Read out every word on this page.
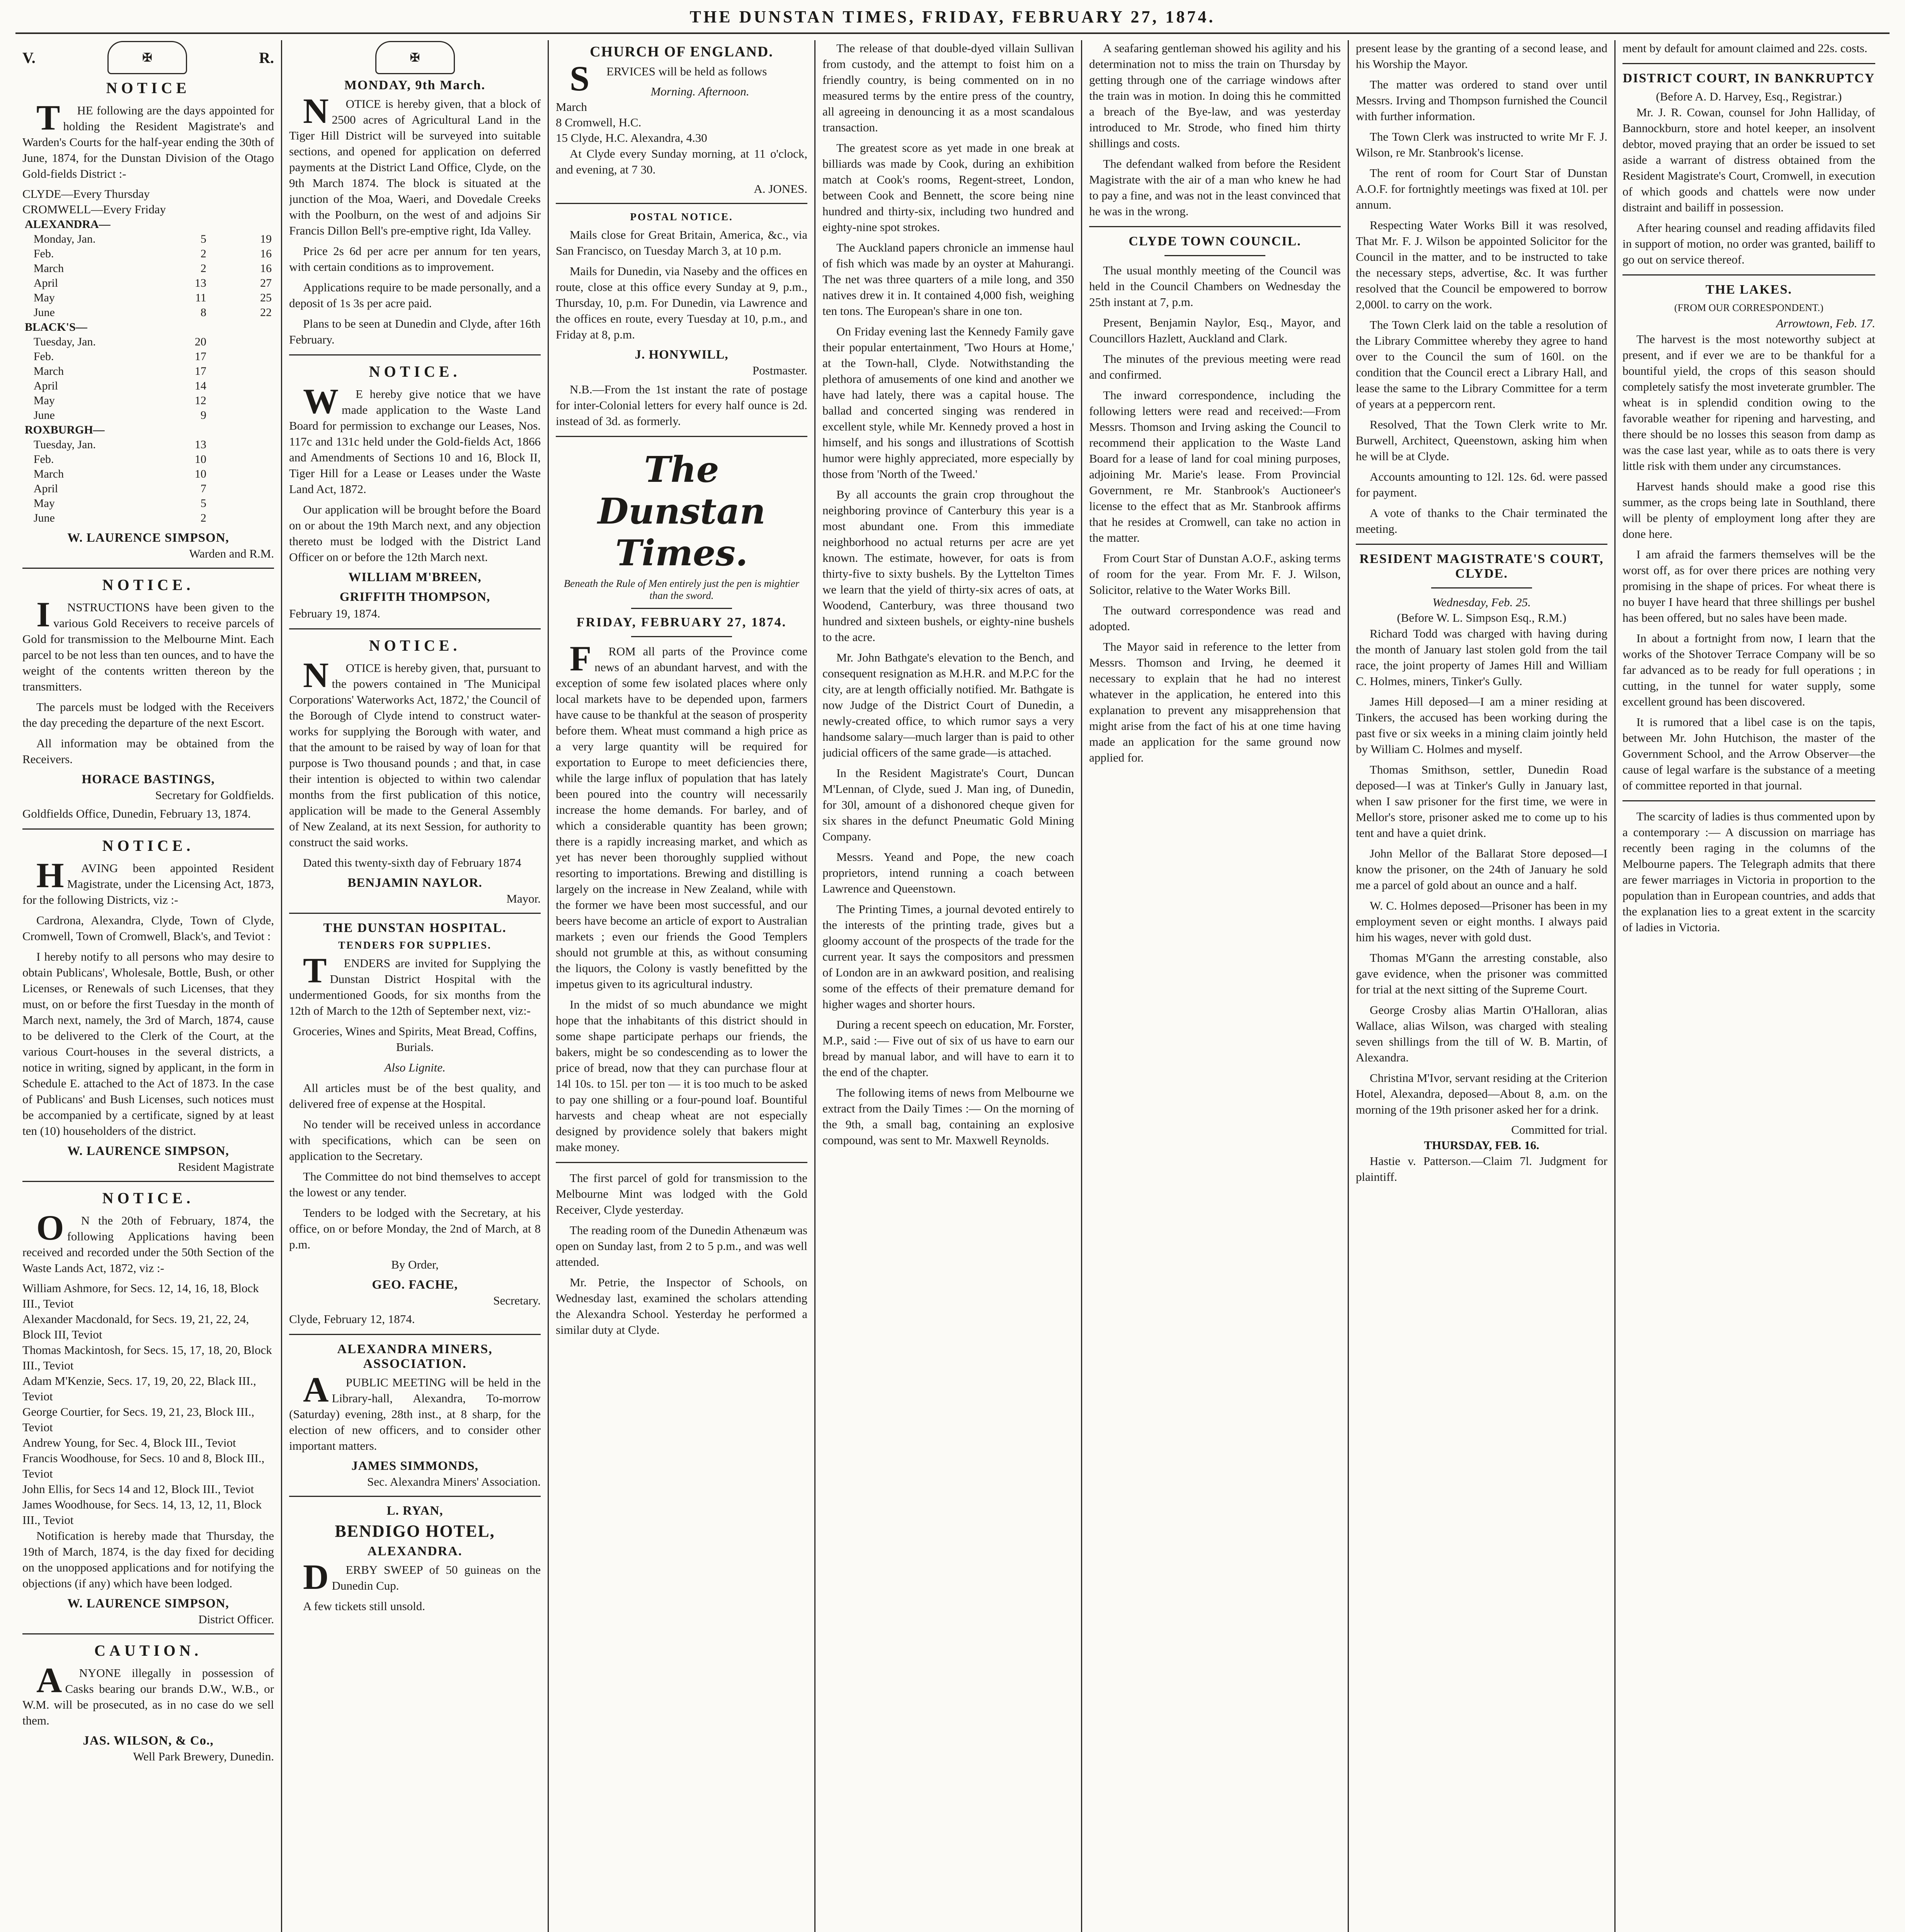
THE DUNSTAN TIMES, FRIDAY, FEBRUARY 27, 1874.
V.	✠	R.
NOTICE

THE following are the days appointed for holding the Resident Magistrate's and Warden's Courts for the half-year ending the 30th of June, 1874, for the Dunstan Division of the Otago Gold-fields District :-

CLYDE—Every Thursday

CROMWELL—Every Friday

ALEXANDRA—			
	Monday, Jan.	5	19
	Feb.	2	16
	March	2	16
	April	13	27
	May	11	25
	June	8	22
BLACK'S—			
	Tuesday, Jan.	20	
	Feb.	17	
	March	17	
	April	14	
	May	12	
	June	9	
ROXBURGH—			
	Tuesday, Jan.	13	
	Feb.	10	
	March	10	
	April	7	
	May	5	
	June	2	
W. LAURENCE SIMPSON,
Warden and R.M.
NOTICE.

INSTRUCTIONS have been given to the various Gold Receivers to receive parcels of Gold for transmission to the Melbourne Mint. Each parcel to be not less than ten ounces, and to have the weight of the contents written thereon by the transmitters.

The parcels must be lodged with the Receivers the day preceding the departure of the next Escort.

All information may be obtained from the Receivers.

HORACE BASTINGS,
Secretary for Goldfields.

Goldfields Office, Dunedin, February 13, 1874.

NOTICE.

HAVING been appointed Resident Magistrate, under the Licensing Act, 1873, for the following Districts, viz :-

Cardrona, Alexandra, Clyde, Town of Clyde, Cromwell, Town of Cromwell, Black's, and Teviot :

I hereby notify to all persons who may desire to obtain Publicans', Wholesale, Bottle, Bush, or other Licenses, or Renewals of such Licenses, that they must, on or before the first Tuesday in the month of March next, namely, the 3rd of March, 1874, cause to be delivered to the Clerk of the Court, at the various Court-houses in the several districts, a notice in writing, signed by applicant, in the form in Schedule E. attached to the Act of 1873. In the case of Publicans' and Bush Licenses, such notices must be accompanied by a certificate, signed by at least ten (10) householders of the district.

W. LAURENCE SIMPSON,
Resident Magistrate
NOTICE.

ON the 20th of February, 1874, the following Applications having been received and recorded under the 50th Section of the Waste Lands Act, 1872, viz :-

William Ashmore, for Secs. 12, 14, 16, 18, Block III., Teviot

Alexander Macdonald, for Secs. 19, 21, 22, 24, Block III, Teviot

Thomas Mackintosh, for Secs. 15, 17, 18, 20, Block III., Teviot

Adam M'Kenzie, Secs. 17, 19, 20, 22, Black III., Teviot

George Courtier, for Secs. 19, 21, 23, Block III., Teviot

Andrew Young, for Sec. 4, Block III., Teviot

Francis Woodhouse, for Secs. 10 and 8, Block III., Teviot

John Ellis, for Secs 14 and 12, Block III., Teviot

James Woodhouse, for Secs. 14, 13, 12, 11, Block III., Teviot

Notification is hereby made that Thursday, the 19th of March, 1874, is the day fixed for deciding on the unopposed applications and for notifying the objections (if any) which have been lodged.

W. LAURENCE SIMPSON,
District Officer.
CAUTION.

ANYONE illegally in possession of Casks bearing our brands D.W., W.B., or W.M. will be prosecuted, as in no case do we sell them.

JAS. WILSON, & Co.,
Well Park Brewery, Dunedin.
✠
MONDAY, 9th March.

NOTICE is hereby given, that a block of 2500 acres of Agricultural Land in the Tiger Hill District will be surveyed into suitable sections, and opened for application on deferred payments at the District Land Office, Clyde, on the 9th March 1874. The block is situated at the junction of the Moa, Waeri, and Dovedale Creeks with the Poolburn, on the west of and adjoins Sir Francis Dillon Bell's pre-emptive right, Ida Valley.

Price 2s 6d per acre per annum for ten years, with certain conditions as to improvement.

Applications require to be made personally, and a deposit of 1s 3s per acre paid.

Plans to be seen at Dunedin and Clyde, after 16th February.

NOTICE.

WE hereby give notice that we have made application to the Waste Land Board for permission to exchange our Leases, Nos. 117c and 131c held under the Gold-fields Act, 1866 and Amendments of Sections 10 and 16, Block II, Tiger Hill for a Lease or Leases under the Waste Land Act, 1872.

Our application will be brought before the Board on or about the 19th March next, and any objection thereto must be lodged with the District Land Officer on or before the 12th March next.

WILLIAM M'BREEN,
GRIFFITH THOMPSON,

February 19, 1874.

NOTICE.

NOTICE is hereby given, that, pursuant to the powers contained in 'The Municipal Corporations' Waterworks Act, 1872,' the Council of the Borough of Clyde intend to construct water-works for supplying the Borough with water, and that the amount to be raised by way of loan for that purpose is Two thousand pounds ; and that, in case their intention is objected to within two calendar months from the first publication of this notice, application will be made to the General Assembly of New Zealand, at its next Session, for authority to construct the said works.

Dated this twenty-sixth day of February 1874

BENJAMIN NAYLOR.
Mayor.
THE DUNSTAN HOSPITAL.
TENDERS FOR SUPPLIES.

TENDERS are invited for Supplying the Dunstan District Hospital with the undermentioned Goods, for six months from the 12th of March to the 12th of September next, viz:-

Groceries, Wines and Spirits, Meat Bread, Coffins, Burials.

Also Lignite.

All articles must be of the best quality, and delivered free of expense at the Hospital.

No tender will be received unless in accordance with specifications, which can be seen on application to the Secretary.

The Committee do not bind themselves to accept the lowest or any tender.

Tenders to be lodged with the Secretary, at his office, on or before Monday, the 2nd of March, at 8 p.m.

By Order,

GEO. FACHE,
Secretary.

Clyde, February 12, 1874.

ALEXANDRA MINERS, ASSOCIATION.

APUBLIC MEETING will be held in the Library-hall, Alexandra, To-morrow (Saturday) evening, 28th inst., at 8 sharp, for the election of new officers, and to consider other important matters.

JAMES SIMMONDS,
Sec. Alexandra Miners' Association.
L. RYAN,
BENDIGO HOTEL,
ALEXANDRA.

DERBY SWEEP of 50 guineas on the Dunedin Cup.

A few tickets still unsold.

CHURCH OF ENGLAND.

SERVICES will be held as follows

Morning. Afternoon.

March

8 Cromwell, H.C.

15 Clyde, H.C. Alexandra, 4.30

At Clyde every Sunday morning, at 11 o'clock, and evening, at 7 30.

A. JONES.
POSTAL NOTICE.

Mails close for Great Britain, America, &c., via San Francisco, on Tuesday March 3, at 10 p.m.

Mails for Dunedin, via Naseby and the offices en route, close at this office every Sunday at 9, p.m., Thursday, 10, p.m. For Dunedin, via Lawrence and the offices en route, every Tuesday at 10, p.m., and Friday at 8, p.m.

J. HONYWILL,
Postmaster.

N.B.—From the 1st instant the rate of postage for inter-Colonial letters for every half ounce is 2d. instead of 3d. as formerly.

The Dunstan Times.
Beneath the Rule of Men entirely just the pen is mightier than the sword.
FRIDAY, FEBRUARY 27, 1874.

FROM all parts of the Province come news of an abundant harvest, and with the exception of some few isolated places where only local markets have to be depended upon, farmers have cause to be thankful at the season of prosperity before them. Wheat must command a high price as a very large quantity will be required for exportation to Europe to meet deficiencies there, while the large influx of population that has lately been poured into the country will necessarily increase the home demands. For barley, and of which a considerable quantity has been grown; there is a rapidly increasing market, and which as yet has never been thoroughly supplied without resorting to importations. Brewing and distilling is largely on the increase in New Zealand, while with the former we have been most successful, and our beers have become an article of export to Australian markets ; even our friends the Good Templers should not grumble at this, as without consuming the liquors, the Colony is vastly benefitted by the impetus given to its agricultural industry.

In the midst of so much abundance we might hope that the inhabitants of this district should in some shape participate perhaps our friends, the bakers, might be so condescending as to lower the price of bread, now that they can purchase flour at 14l 10s. to 15l. per ton — it is too much to be asked to pay one shilling or a four-pound loaf. Bountiful harvests and cheap wheat are not especially designed by providence solely that bakers might make money.

The first parcel of gold for transmission to the Melbourne Mint was lodged with the Gold Receiver, Clyde yesterday.

The reading room of the Dunedin Athenæum was open on Sunday last, from 2 to 5 p.m., and was well attended.

Mr. Petrie, the Inspector of Schools, on Wednesday last, examined the scholars attending the Alexandra School. Yesterday he performed a similar duty at Clyde.

The release of that double-dyed villain Sullivan from custody, and the attempt to foist him on a friendly country, is being commented on in no measured terms by the entire press of the country, all agreeing in denouncing it as a most scandalous transaction.

The greatest score as yet made in one break at billiards was made by Cook, during an exhibition match at Cook's rooms, Regent-street, London, between Cook and Bennett, the score being nine hundred and thirty-six, including two hundred and eighty-nine spot strokes.

The Auckland papers chronicle an immense haul of fish which was made by an oyster at Mahurangi. The net was three quarters of a mile long, and 350 natives drew it in. It contained 4,000 fish, weighing ten tons. The European's share in one ton.

On Friday evening last the Kennedy Family gave their popular entertainment, 'Two Hours at Home,' at the Town-hall, Clyde. Notwithstanding the plethora of amusements of one kind and another we have had lately, there was a capital house. The ballad and concerted singing was rendered in excellent style, while Mr. Kennedy proved a host in himself, and his songs and illustrations of Scottish humor were highly appreciated, more especially by those from 'North of the Tweed.'

By all accounts the grain crop throughout the neighboring province of Canterbury this year is a most abundant one. From this immediate neighborhood no actual returns per acre are yet known. The estimate, however, for oats is from thirty-five to sixty bushels. By the Lyttelton Times we learn that the yield of thirty-six acres of oats, at Woodend, Canterbury, was three thousand two hundred and sixteen bushels, or eighty-nine bushels to the acre.

Mr. John Bathgate's elevation to the Bench, and consequent resignation as M.H.R. and M.P.C for the city, are at length officially notified. Mr. Bathgate is now Judge of the District Court of Dunedin, a newly-created office, to which rumor says a very handsome salary—much larger than is paid to other judicial officers of the same grade—is attached.

In the Resident Magistrate's Court, Duncan M'Lennan, of Clyde, sued J. Man ing, of Dunedin, for 30l, amount of a dishonored cheque given for six shares in the defunct Pneumatic Gold Mining Company.

Messrs. Yeand and Pope, the new coach proprietors, intend running a coach between Lawrence and Queenstown.

The Printing Times, a journal devoted entirely to the interests of the printing trade, gives but a gloomy account of the prospects of the trade for the current year. It says the compositors and pressmen of London are in an awkward position, and realising some of the effects of their premature demand for higher wages and shorter hours.

During a recent speech on education, Mr. Forster, M.P., said :— Five out of six of us have to earn our bread by manual labor, and will have to earn it to the end of the chapter.

The following items of news from Melbourne we extract from the Daily Times :— On the morning of the 9th, a small bag, containing an explosive compound, was sent to Mr. Maxwell Reynolds.

A seafaring gentleman showed his agility and his determination not to miss the train on Thursday by getting through one of the carriage windows after the train was in motion. In doing this he committed a breach of the Bye-law, and was yesterday introduced to Mr. Strode, who fined him thirty shillings and costs.

The defendant walked from before the Resident Magistrate with the air of a man who knew he had to pay a fine, and was not in the least convinced that he was in the wrong.

CLYDE TOWN COUNCIL.

The usual monthly meeting of the Council was held in the Council Chambers on Wednesday the 25th instant at 7, p.m.

Present, Benjamin Naylor, Esq., Mayor, and Councillors Hazlett, Auckland and Clark.

The minutes of the previous meeting were read and confirmed.

The inward correspondence, including the following letters were read and received:—From Messrs. Thomson and Irving asking the Council to recommend their application to the Waste Land Board for a lease of land for coal mining purposes, adjoining Mr. Marie's lease. From Provincial Government, re Mr. Stanbrook's Auctioneer's license to the effect that as Mr. Stanbrook affirms that he resides at Cromwell, can take no action in the matter.

From Court Star of Dunstan A.O.F., asking terms of room for the year. From Mr. F. J. Wilson, Solicitor, relative to the Water Works Bill.

The outward correspondence was read and adopted.

The Mayor said in reference to the letter from Messrs. Thomson and Irving, he deemed it necessary to explain that he had no interest whatever in the application, he entered into this explanation to prevent any misapprehension that might arise from the fact of his at one time having made an application for the same ground now applied for.

present lease by the granting of a second lease, and his Worship the Mayor.

The matter was ordered to stand over until Messrs. Irving and Thompson furnished the Council with further information.

The Town Clerk was instructed to write Mr F. J. Wilson, re Mr. Stanbrook's license.

The rent of room for Court Star of Dunstan A.O.F. for fortnightly meetings was fixed at 10l. per annum.

Respecting Water Works Bill it was resolved, That Mr. F. J. Wilson be appointed Solicitor for the Council in the matter, and to be instructed to take the necessary steps, advertise, &c. It was further resolved that the Council be empowered to borrow 2,000l. to carry on the work.

The Town Clerk laid on the table a resolution of the Library Committee whereby they agree to hand over to the Council the sum of 160l. on the condition that the Council erect a Library Hall, and lease the same to the Library Committee for a term of years at a peppercorn rent.

Resolved, That the Town Clerk write to Mr. Burwell, Architect, Queenstown, asking him when he will be at Clyde.

Accounts amounting to 12l. 12s. 6d. were passed for payment.

A vote of thanks to the Chair terminated the meeting.

RESIDENT MAGISTRATE'S COURT, CLYDE.

Wednesday, Feb. 25.

(Before W. L. Simpson Esq., R.M.)

Richard Todd was charged with having during the month of January last stolen gold from the tail race, the joint property of James Hill and William C. Holmes, miners, Tinker's Gully.

James Hill deposed—I am a miner residing at Tinkers, the accused has been working during the past five or six weeks in a mining claim jointly held by William C. Holmes and myself.

Thomas Smithson, settler, Dunedin Road deposed—I was at Tinker's Gully in January last, when I saw prisoner for the first time, we were in Mellor's store, prisoner asked me to come up to his tent and have a quiet drink.

John Mellor of the Ballarat Store deposed—I know the prisoner, on the 24th of January he sold me a parcel of gold about an ounce and a half.

W. C. Holmes deposed—Prisoner has been in my employment seven or eight months. I always paid him his wages, never with gold dust.

Thomas M'Gann the arresting constable, also gave evidence, when the prisoner was committed for trial at the next sitting of the Supreme Court.

George Crosby alias Martin O'Halloran, alias Wallace, alias Wilson, was charged with stealing seven shillings from the till of W. B. Martin, of Alexandra.

Christina M'Ivor, servant residing at the Criterion Hotel, Alexandra, deposed—About 8, a.m. on the morning of the 19th prisoner asked her for a drink.

Committed for trial.

THURSDAY, FEB. 16.

Hastie v. Patterson.—Claim 7l. Judgment for plaintiff.

ment by default for amount claimed and 22s. costs.

DISTRICT COURT, IN BANKRUPTCY

(Before A. D. Harvey, Esq., Registrar.)

Mr. J. R. Cowan, counsel for John Halliday, of Bannockburn, store and hotel keeper, an insolvent debtor, moved praying that an order be issued to set aside a warrant of distress obtained from the Resident Magistrate's Court, Cromwell, in execution of which goods and chattels were now under distraint and bailiff in possession.

After hearing counsel and reading affidavits filed in support of motion, no order was granted, bailiff to go out on service thereof.

THE LAKES.

(FROM OUR CORRESPONDENT.)

Arrowtown, Feb. 17.

The harvest is the most noteworthy subject at present, and if ever we are to be thankful for a bountiful yield, the crops of this season should completely satisfy the most inveterate grumbler. The wheat is in splendid condition owing to the favorable weather for ripening and harvesting, and there should be no losses this season from damp as was the case last year, while as to oats there is very little risk with them under any circumstances.

Harvest hands should make a good rise this summer, as the crops being late in Southland, there will be plenty of employment long after they are done here.

I am afraid the farmers themselves will be the worst off, as for over there prices are nothing very promising in the shape of prices. For wheat there is no buyer I have heard that three shillings per bushel has been offered, but no sales have been made.

In about a fortnight from now, I learn that the works of the Shotover Terrace Company will be so far advanced as to be ready for full operations ; in cutting, in the tunnel for water supply, some excellent ground has been discovered.

It is rumored that a libel case is on the tapis, between Mr. John Hutchison, the master of the Government School, and the Arrow Observer—the cause of legal warfare is the substance of a meeting of committee reported in that journal.

The scarcity of ladies is thus commented upon by a contemporary :— A discussion on marriage has recently been raging in the columns of the Melbourne papers. The Telegraph admits that there are fewer marriages in Victoria in proportion to the population than in European countries, and adds that the explanation lies to a great extent in the scarcity of ladies in Victoria.
